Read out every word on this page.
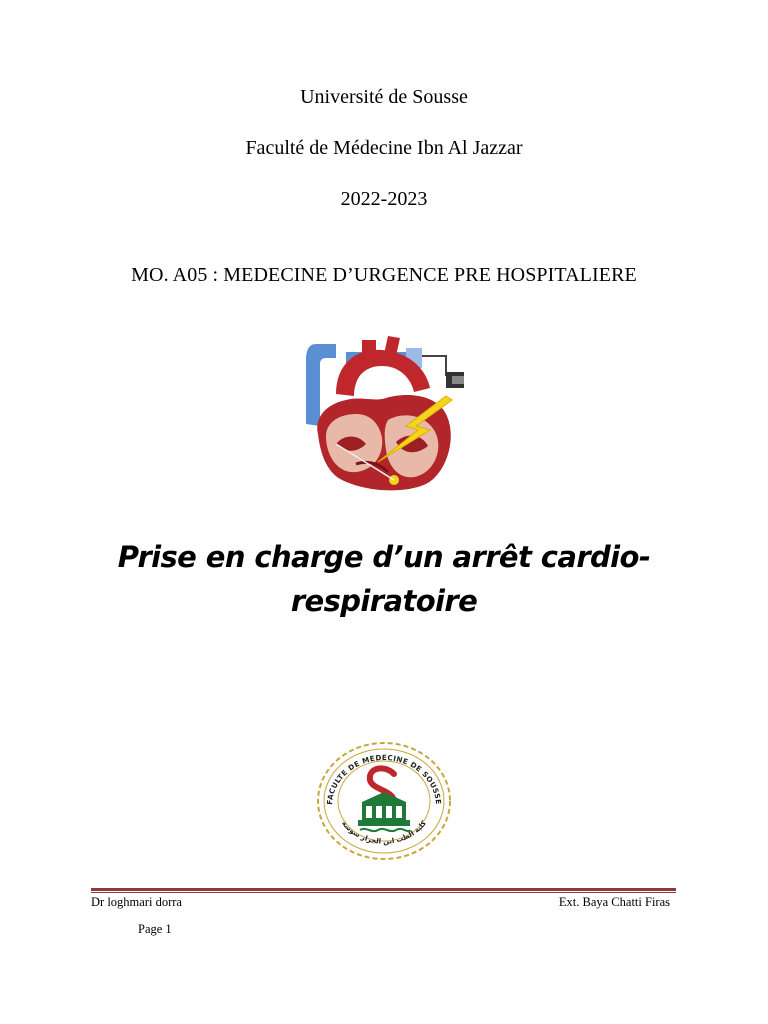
Université de Sousse
Faculté de Médecine Ibn Al Jazzar
2022-2023
MO. A05 : MEDECINE D’URGENCE PRE HOSPITALIERE
Prise en charge d’un arrêt cardio-
respiratoire
FACULTE DE MEDECINE DE SOUSSE
كلية الطب ابن الجزار سوسة
Dr loghmari dorra	Ext. Baya Chatti Firas
Page 1
